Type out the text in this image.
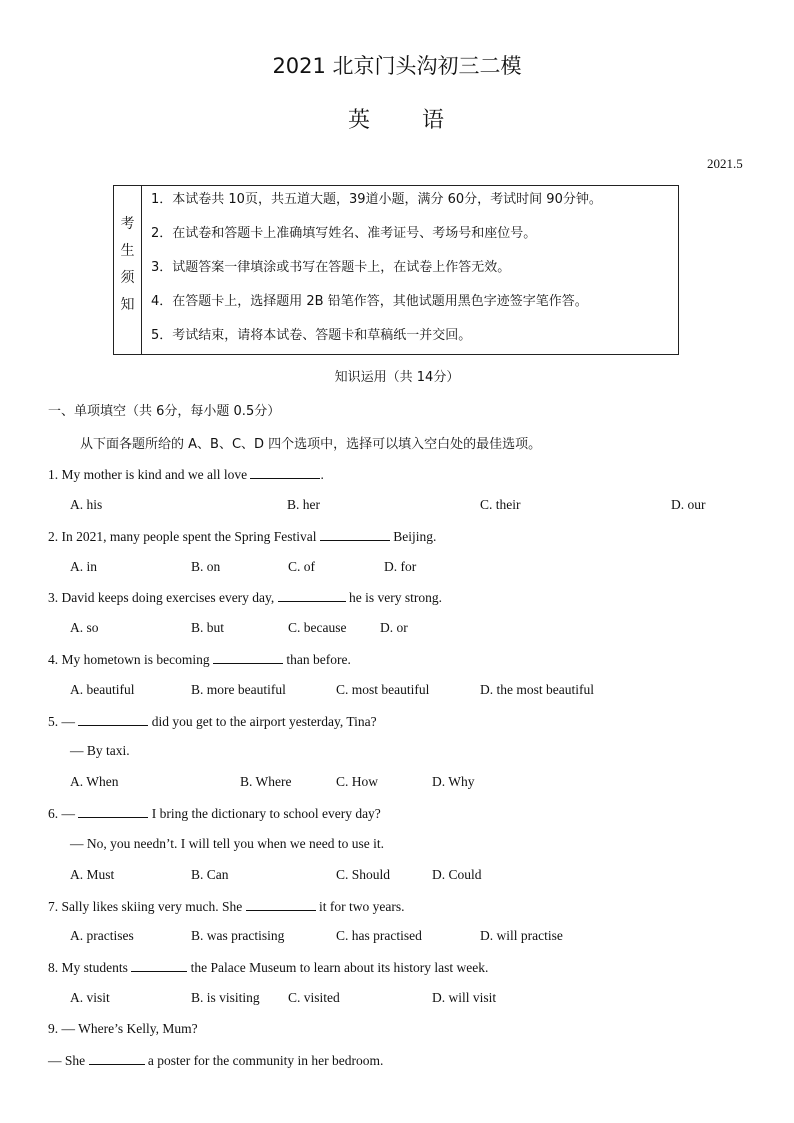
2021 北京门头沟初三二模
英 语
2021.5
考
生
须
知
1．本试卷共 10页，共五道大题，39道小题，满分 60分，考试时间 90分钟。
2．在试卷和答题卡上准确填写姓名、准考证号、考场号和座位号。
3．试题答案一律填涂或书写在答题卡上，在试卷上作答无效。
4．在答题卡上，选择题用 2B 铅笔作答，其他试题用黑色字迹签字笔作答。
5．考试结束，请将本试卷、答题卡和草稿纸一并交回。
知识运用（共 14分）
一、单项填空（共 6分，每小题 0.5分）
从下面各题所给的 A、B、C、D 四个选项中，选择可以填入空白处的最佳选项。
1. My mother is kind and we all love	.
A. his	B. her	C. their	D. our
2. In 2021, many people spent the Spring Festival	Beijing.
A. in	B. on	C. of	D. for
3. David keeps doing exercises every day,	he is very strong.
A. so	B. but	C. because D. or
4. My hometown is becoming	than before.
A. beautiful	B. more beautiful	C. most beautiful	D. the most beautiful
5. —	did you get to the airport yesterday, Tina?
— By taxi.
A. When	B. Where	C. How	D. Why
6. —	I bring the dictionary to school every day?
— No, you needn’t. I will tell you when we need to use it.
A. Must	B. Can	C. Should	D. Could
7. Sally likes skiing very much. She	it for two years.
A. practises	B. was practising	C. has practised	D. will practise
8. My students	the Palace Museum to learn about its history last week.
A. visit	B. is visiting C. visited	D. will visit
9. — Where’s Kelly, Mum?
— She	a poster for the community in her bedroom.
